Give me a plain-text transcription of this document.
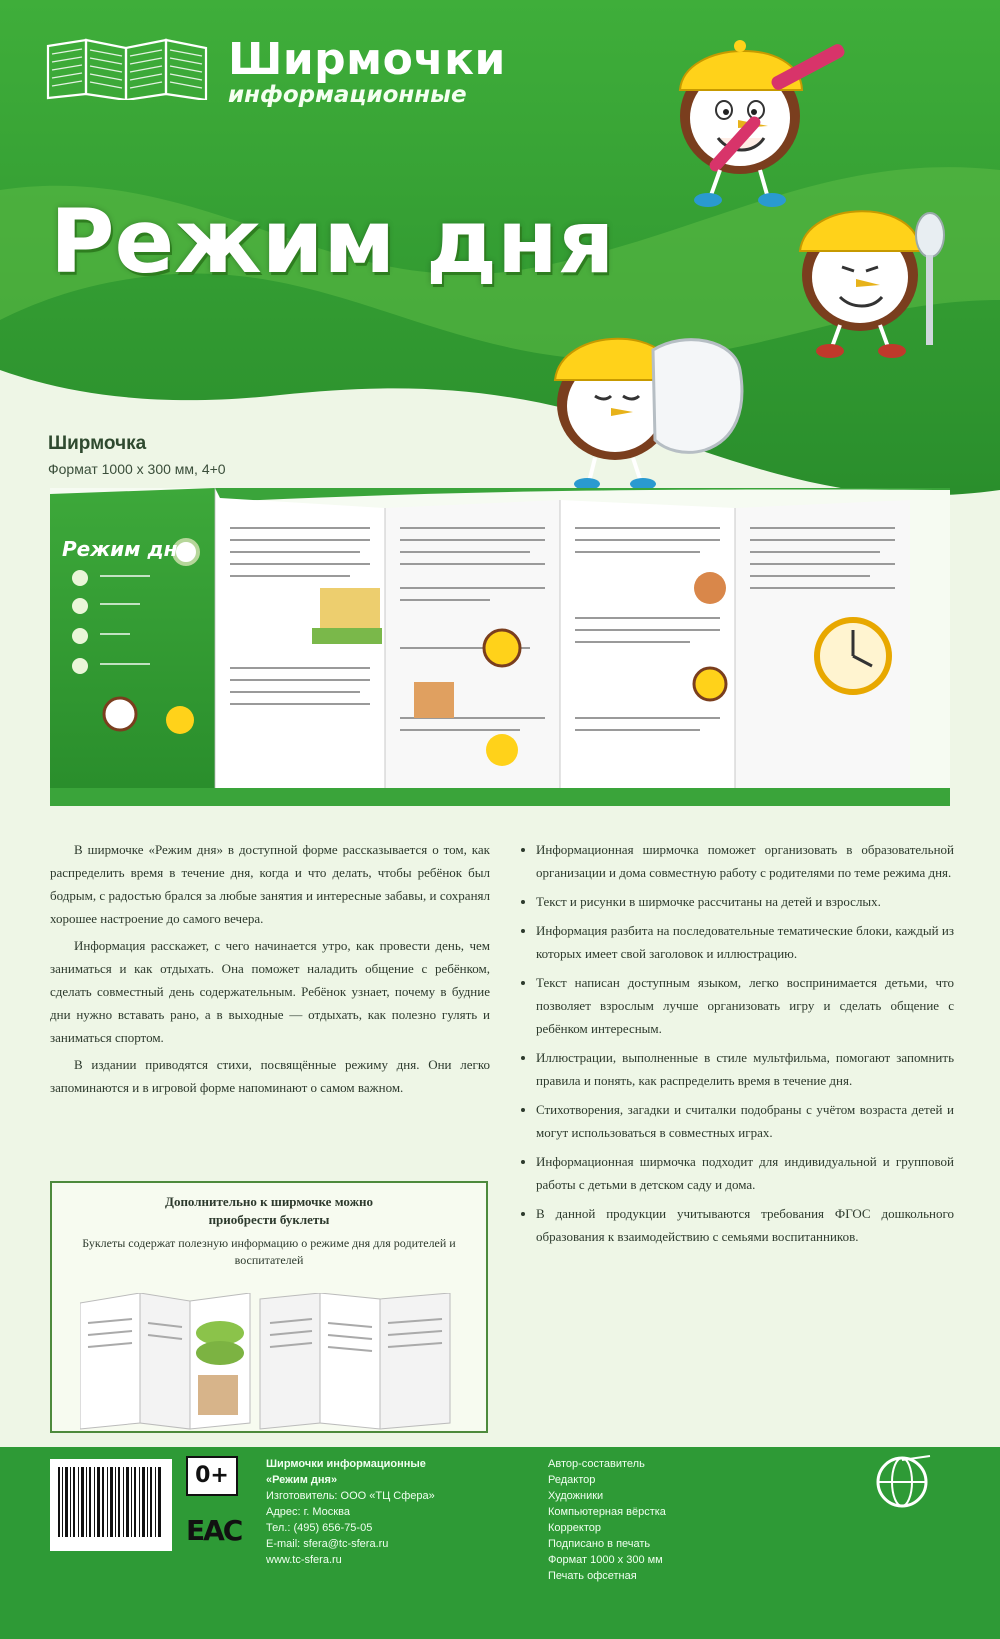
Ширмочки
информационные
Режим дня
Ширмочка
Формат 1000 x 300 мм, 4+0
Режим дня

В ширмочке «Режим дня» в доступной форме рассказывается о том, как распределить время в течение дня, когда и что делать, чтобы ребёнок был бодрым, с радостью брался за любые занятия и интересные забавы, и сохранял хорошее настроение до самого вечера.

Информация расскажет, с чего начинается утро, как провести день, чем заниматься и как отдыхать. Она поможет наладить общение с ребёнком, сделать совместный день содержательным. Ребёнок узнает, почему в будние дни нужно вставать рано, а в выходные — отдыхать, как полезно гулять и заниматься спортом.

В издании приводятся стихи, посвящённые режиму дня. Они легко запоминаются и в игровой форме напоминают о самом важном.

• Информационная ширмочка поможет организовать в образовательной организации и дома совместную работу с родителями по теме режима дня.
• Текст и рисунки в ширмочке рассчитаны на детей и взрослых.
• Информация разбита на последовательные тематические блоки, каждый из которых имеет свой заголовок и иллюстрацию.
• Текст написан доступным языком, легко воспринимается детьми, что позволяет взрослым лучше организовать игру и сделать общение с ребёнком интересным.
• Иллюстрации, выполненные в стиле мультфильма, помогают запомнить правила и понять, как распределить время в течение дня.
• Стихотворения, загадки и считалки подобраны с учётом возраста детей и могут использоваться в совместных играх.
• Информационная ширмочка подходит для индивидуальной и групповой работы с детьми в детском саду и дома.
• В данной продукции учитываются требования ФГОС дошкольного образования к взаимодействию с семьями воспитанников.
Дополнительно к ширмочке можно
приобрести буклеты
Буклеты содержат полезную информацию о режиме дня для родителей и воспитателей
0+
EAC
Ширмочки информационные
«Режим дня»
Изготовитель: ООО «ТЦ Сфера»
Адрес: г. Москва
Тел.: (495) 656-75-05
E-mail: sfera@tc-sfera.ru
www.tc-sfera.ru
Автор-составитель
Редактор
Художники
Компьютерная вёрстка
Корректор
Подписано в печать
Формат 1000 x 300 мм
Печать офсетная
